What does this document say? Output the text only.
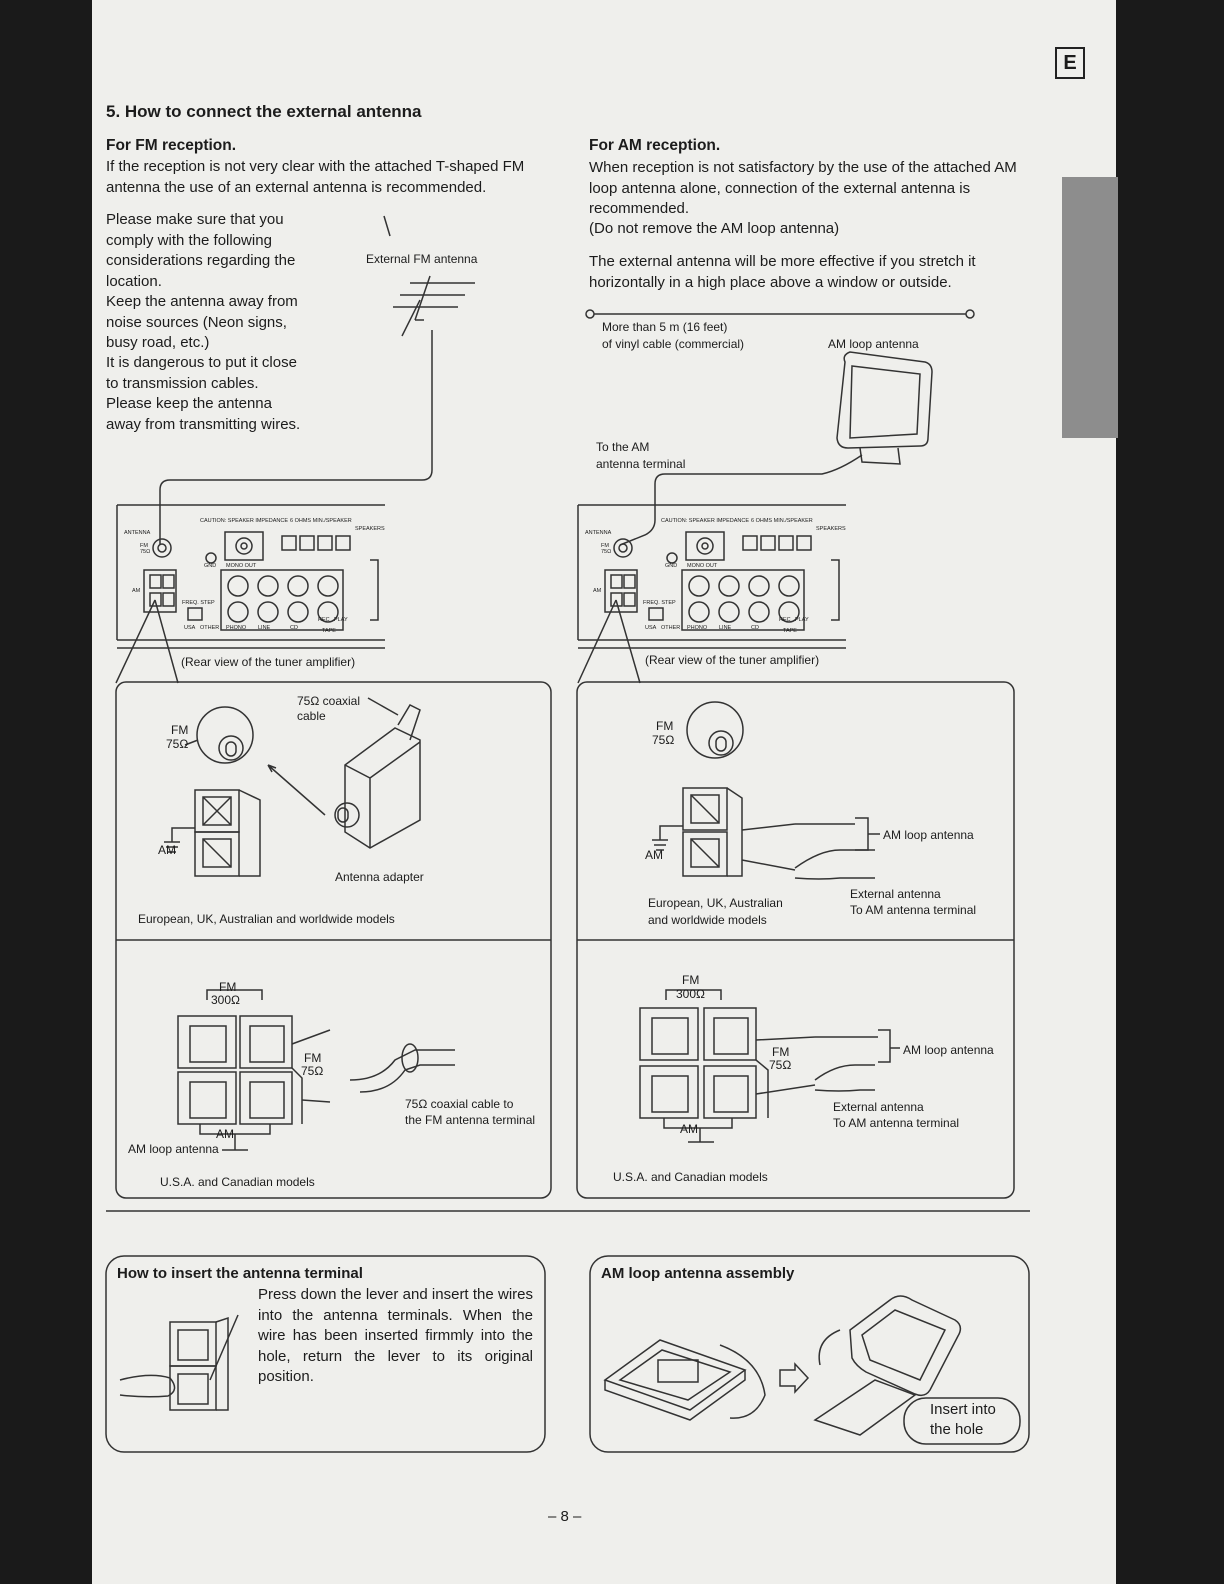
E
5. How to connect the external antenna
For FM reception.
If the reception is not very clear with the attached T-shaped FM antenna the use of an external antenna is recommended.
Please make sure that you comply with the following considerations regarding the location.
Keep the antenna away from noise sources (Neon signs, busy road, etc.)
It is dangerous to put it close to transmission cables. Please keep the antenna away from transmitting wires.
External FM antenna
For AM reception.
When reception is not satisfactory by the use of the attached AM loop antenna alone, connection of the external antenna is recommended.
(Do not remove the AM loop antenna)
The external antenna will be more effective if you stretch it horizontally in a high place above a window or outside.
More than 5 m (16 feet)
of vinyl cable (commercial)	AM loop antenna
To the AM
antenna terminal
ANTENNA
FM 75Ω
AM
CAUTION: SPEAKER IMPEDANCE 6 OHMS MIN./SPEAKER
SPEAKERS
GND MONO OUT
FREQ. STEP
USA OTHER PHONO LINE	CD
REC PLAY
TAPE
(Rear view of the tuner amplifier)
ANTENNA
FM 75Ω
AM
CAUTION: SPEAKER IMPEDANCE 6 OHMS MIN./SPEAKER
SPEAKERS
GND MONO OUT
FREQ. STEP
USA OTHER PHONO LINE	CD
REC PLAY
TAPE
(Rear view of the tuner amplifier)
75Ω coaxial cable
FM
75Ω
AM
Antenna adapter
European, UK, Australian and worldwide models
FM
300Ω
FM
75Ω
AM
75Ω coaxial cable to
the FM antenna terminal
AM loop antenna
U.S.A. and Canadian models
FM
75Ω
AM
AM loop antenna
External antenna
To AM antenna terminal
European, UK, Australian
and worldwide models
FM
300Ω
FM
75Ω
AM
AM loop antenna
External antenna
To AM antenna terminal
U.S.A. and Canadian models
How to insert the antenna terminal
Press down the lever and insert the wires into the antenna terminals. When the wire has been inserted firmmly into the hole, return the lever to its original position.
AM loop antenna assembly
Insert into
the hole
– 8 –
